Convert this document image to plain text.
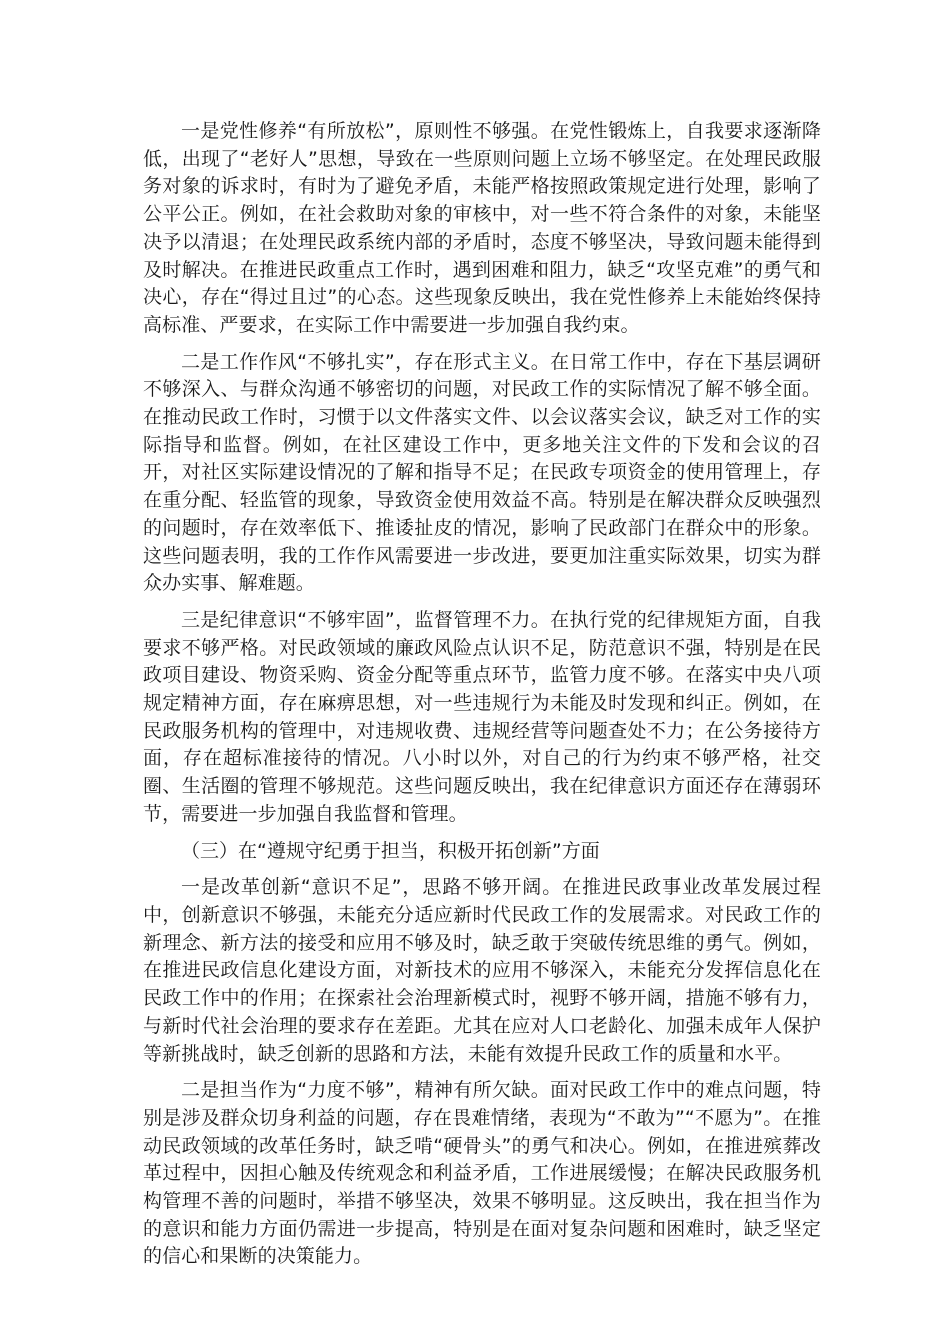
一是党性修养“有所放松”，原则性不够强。在党性锻炼上，自我要求逐渐降低，出现了“老好人”思想，导致在一些原则问题上立场不够坚定。在处理民政服务对象的诉求时，有时为了避免矛盾，未能严格按照政策规定进行处理，影响了公平公正。例如，在社会救助对象的审核中，对一些不符合条件的对象，未能坚决予以清退；在处理民政系统内部的矛盾时，态度不够坚决，导致问题未能得到及时解决。在推进民政重点工作时，遇到困难和阻力，缺乏“攻坚克难”的勇气和决心，存在“得过且过”的心态。这些现象反映出，我在党性修养上未能始终保持高标准、严要求，在实际工作中需要进一步加强自我约束。

二是工作作风“不够扎实”，存在形式主义。在日常工作中，存在下基层调研不够深入、与群众沟通不够密切的问题，对民政工作的实际情况了解不够全面。在推动民政工作时，习惯于以文件落实文件、以会议落实会议，缺乏对工作的实际指导和监督。例如，在社区建设工作中，更多地关注文件的下发和会议的召开，对社区实际建设情况的了解和指导不足；在民政专项资金的使用管理上，存在重分配、轻监管的现象，导致资金使用效益不高。特别是在解决群众反映强烈的问题时，存在效率低下、推诿扯皮的情况，影响了民政部门在群众中的形象。这些问题表明，我的工作作风需要进一步改进，要更加注重实际效果，切实为群众办实事、解难题。

三是纪律意识“不够牢固”，监督管理不力。在执行党的纪律规矩方面，自我要求不够严格。对民政领域的廉政风险点认识不足，防范意识不强，特别是在民政项目建设、物资采购、资金分配等重点环节，监管力度不够。在落实中央八项规定精神方面，存在麻痹思想，对一些违规行为未能及时发现和纠正。例如，在民政服务机构的管理中，对违规收费、违规经营等问题查处不力；在公务接待方面，存在超标准接待的情况。八小时以外，对自己的行为约束不够严格，社交圈、生活圈的管理不够规范。这些问题反映出，我在纪律意识方面还存在薄弱环节，需要进一步加强自我监督和管理。

（三）在“遵规守纪勇于担当，积极开拓创新”方面

一是改革创新“意识不足”，思路不够开阔。在推进民政事业改革发展过程中，创新意识不够强，未能充分适应新时代民政工作的发展需求。对民政工作的新理念、新方法的接受和应用不够及时，缺乏敢于突破传统思维的勇气。例如，在推进民政信息化建设方面，对新技术的应用不够深入，未能充分发挥信息化在民政工作中的作用；在探索社会治理新模式时，视野不够开阔，措施不够有力，与新时代社会治理的要求存在差距。尤其在应对人口老龄化、加强未成年人保护等新挑战时，缺乏创新的思路和方法，未能有效提升民政工作的质量和水平。

二是担当作为“力度不够”，精神有所欠缺。面对民政工作中的难点问题，特别是涉及群众切身利益的问题，存在畏难情绪，表现为“不敢为”“不愿为”。在推动民政领域的改革任务时，缺乏啃“硬骨头”的勇气和决心。例如，在推进殡葬改革过程中，因担心触及传统观念和利益矛盾，工作进展缓慢；在解决民政服务机构管理不善的问题时，举措不够坚决，效果不够明显。这反映出，我在担当作为的意识和能力方面仍需进一步提高，特别是在面对复杂问题和困难时，缺乏坚定的信心和果断的决策能力。
